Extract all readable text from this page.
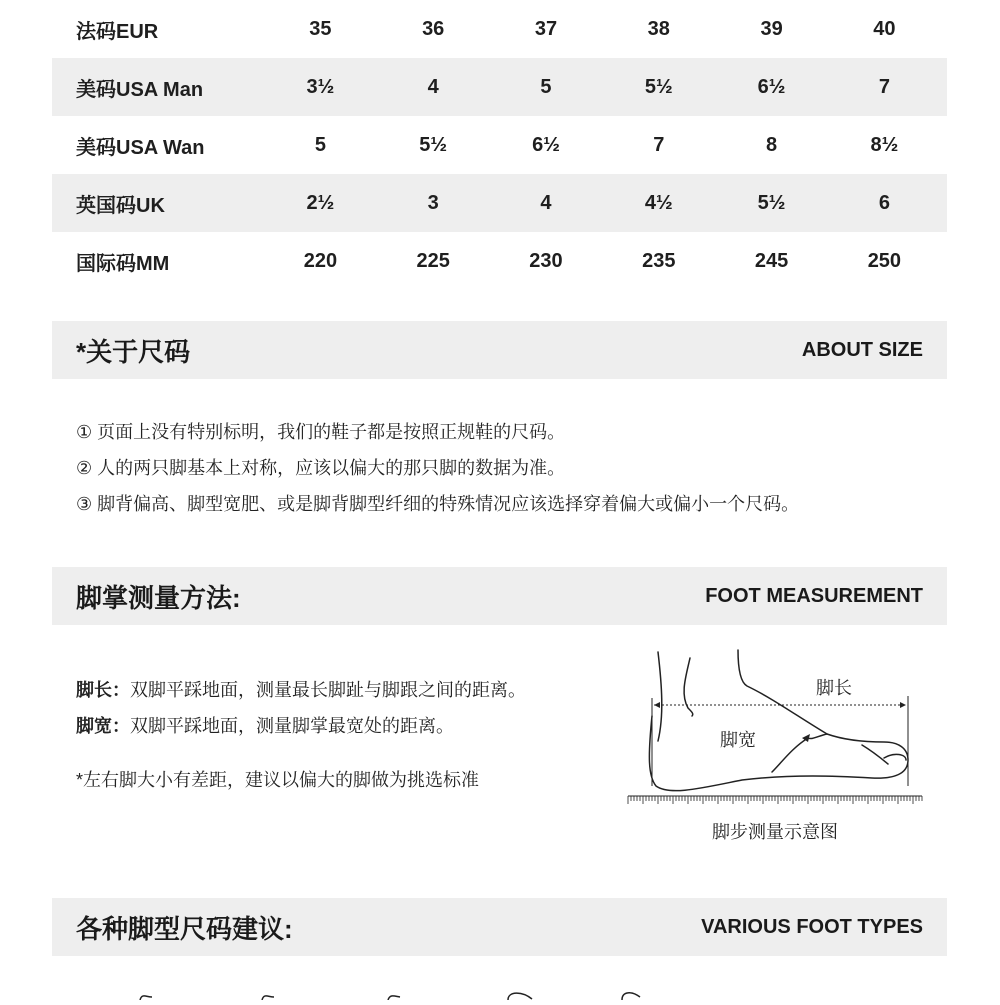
法码EUR	35	36	37	38	39	40
美码USA Man	3½	4	5	5½	6½	7
美码USA Wan	5	5½	6½	7	8	8½
英国码UK	2½	3	4	4½	5½	6
国际码MM	220	225	230	235	245	250
*关于尺码	ABOUT SIZE
① 页面上没有特别标明，我们的鞋子都是按照正规鞋的尺码。
② 人的两只脚基本上对称，应该以偏大的那只脚的数据为准。
③ 脚背偏高、脚型宽肥、或是脚背脚型纤细的特殊情况应该选择穿着偏大或偏小一个尺码。
脚掌测量方法:	FOOT MEASUREMENT
脚长：双脚平踩地面，测量最长脚趾与脚跟之间的距离。
脚宽：双脚平踩地面，测量脚掌最宽处的距离。
*左右脚大小有差距，建议以偏大的脚做为挑选标准
脚长
脚宽
脚步测量示意图
各种脚型尺码建议:	VARIOUS FOOT TYPES
